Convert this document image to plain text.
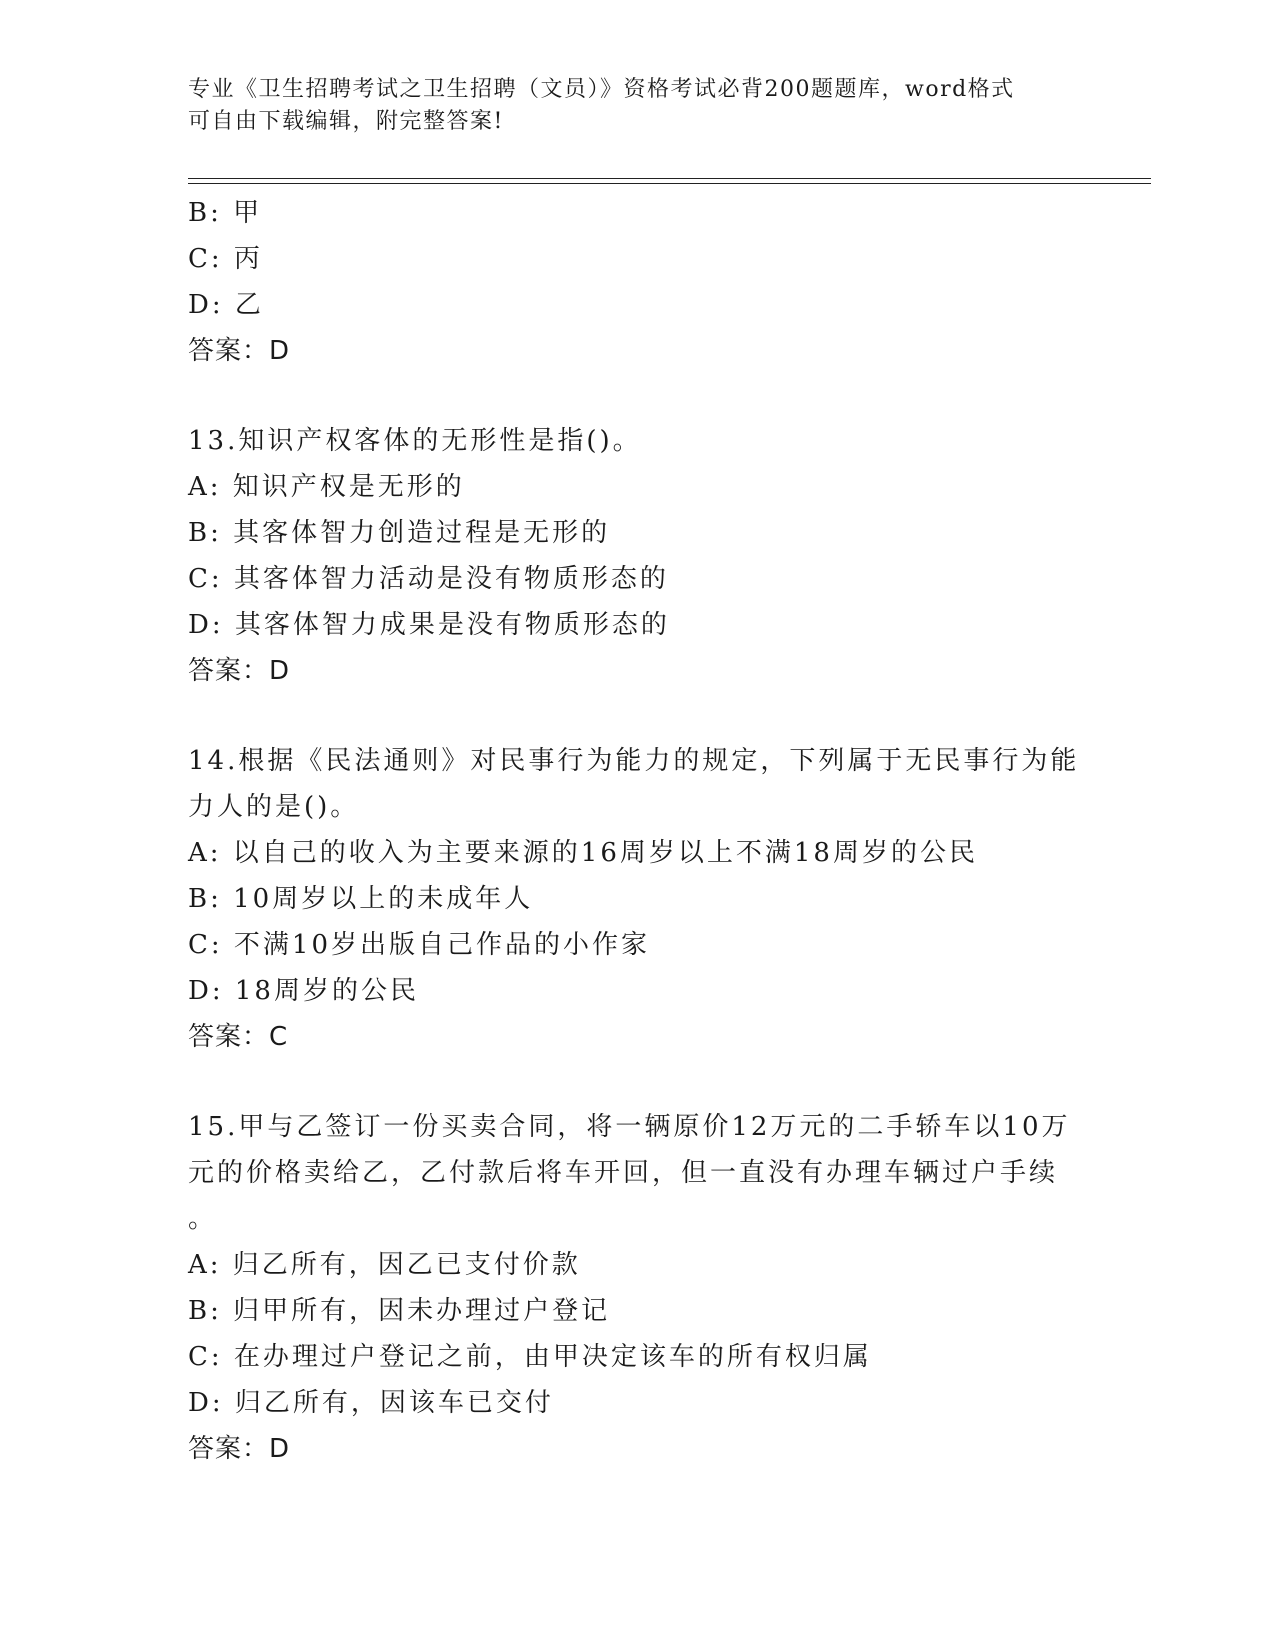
专业《卫生招聘考试之卫生招聘（文员）》资格考试必背200题题库，word格式
可自由下载编辑，附完整答案!
B: 甲
C: 丙
D: 乙
答案：D
13.知识产权客体的无形性是指()。
A: 知识产权是无形的
B: 其客体智力创造过程是无形的
C: 其客体智力活动是没有物质形态的
D: 其客体智力成果是没有物质形态的
答案：D
14.根据《民法通则》对民事行为能力的规定，下列属于无民事行为能
力人的是()。
A: 以自己的收入为主要来源的16周岁以上不满18周岁的公民
B: 10周岁以上的未成年人
C: 不满10岁出版自己作品的小作家
D: 18周岁的公民
答案：C
15.甲与乙签订一份买卖合同，将一辆原价12万元的二手轿车以10万
元的价格卖给乙，乙付款后将车开回，但一直没有办理车辆过户手续
。
A: 归乙所有，因乙已支付价款
B: 归甲所有，因未办理过户登记
C: 在办理过户登记之前，由甲决定该车的所有权归属
D: 归乙所有，因该车已交付
答案：D
